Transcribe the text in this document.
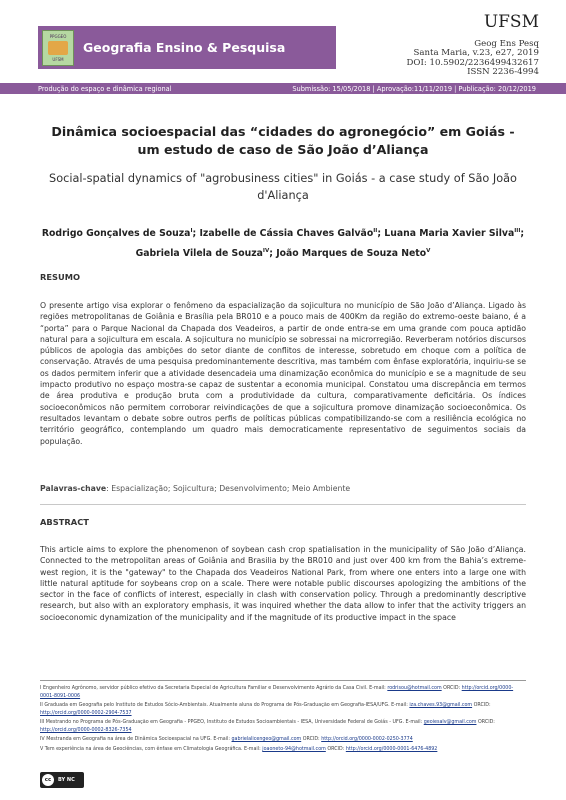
PPGGEO
UFSM
Geografia Ensino & Pesquisa
UFSM
Geog Ens Pesq
Santa Maria, v.23, e27, 2019
DOI: 10.5902/2236499432617
ISSN 2236-4994
Produção do espaço e dinâmica regional	Submissão: 15/05/2018 | Aprovação:11/11/2019 | Publicação: 20/12/2019
Dinâmica socioespacial das “cidades do agronegócio” em Goiás - um estudo de caso de São João d’Aliança
Social-spatial dynamics of "agrobusiness cities" in Goiás - a case study of São João d'Aliança
Rodrigo Gonçalves de Souza$^I$; Izabelle de Cássia Chaves Galvão$^{II}$; Luana Maria Xavier Silva$^{III}$; Gabriela Vilela de Souza$^{IV}$; João Marques de Souza Neto$^V$
RESUMO
O presente artigo visa explorar o fenômeno da espacialização da sojicultura no município de São João d’Aliança. Ligado às regiões metropolitanas de Goiânia e Brasília pela BR010 e a pouco mais de 400Km da região do extremo-oeste baiano, é a “porta” para o Parque Nacional da Chapada dos Veadeiros, a partir de onde entra-se em uma grande com pouca aptidão natural para a sojicultura em escala. A sojicultura no município se sobressai na microrregião. Reverberam notórios discursos públicos de apologia das ambições do setor diante de conflitos de interesse, sobretudo em choque com a política de conservação. Através de uma pesquisa predominantemente descritiva, mas também com ênfase exploratória, inquiriu-se se os dados permitem inferir que a atividade desencadeia uma dinamização econômica do município e se a magnitude de seu impacto produtivo no espaço mostra-se capaz de sustentar a economia municipal. Constatou uma discrepância em termos de área produtiva e produção bruta com a produtividade da cultura, comparativamente deficitária. Os índices socioeconômicos não permitem corroborar reivindicações de que a sojicultura promove dinamização socioeconômica. Os resultados levantam o debate sobre outros perfis de políticas públicas compatibilizando-se com a resiliência ecológica no território geográfico, contemplando um quadro mais democraticamente representativo de seguimentos sociais da população.
Palavras-chave: Espacialização; Sojicultura; Desenvolvimento; Meio Ambiente
ABSTRACT
This article aims to explore the phenomenon of soybean cash crop spatialisation in the municipality of São João d’Aliança. Connected to the metropolitan areas of Goiânia and Brasilia by the BR010 and just over 400 km from the Bahia’s extreme-west region, it is the "gateway" to the Chapada dos Veadeiros National Park, from where one enters into a large one with little natural aptitude for soybeans crop on a scale. There were notable public discourses apologizing the ambitions of the sector in the face of conflicts of interest, especially in clash with conservation policy. Through a predominantly descriptive research, but also with an exploratory emphasis, it was inquired whether the data allow to infer that the activity triggers an socioeconomic dynamization of the municipality and if the magnitude of its productive impact in the space
I Engenheiro Agrônomo, servidor público efetivo da Secretaria Especial de Agricultura Familiar e Desenvolvimento Agrário da Casa Civil. E-mail: rodrisou@hotmail.com ORCID: http://orcid.org/0000-0001-8091-0006
II Graduada em Geografia pelo Instituto de Estudos Sócio-Ambientais. Atualmente aluna do Programa de Pós-Graduação em Geografia-IESA/UFG. E-mail: iza.chaves.93@gmail.com ORCID: http://orcid.org/0000-0002-2904-7537
III Mestrando no Programa de Pós-Graduação em Geografia - PPGEO, Instituto de Estudos Socioambientais - IESA, Universidade Federal de Goiás - UFG. E-mail: geoiesalv@gmail.com ORCID: http://orcid.org/0000-0002-8326-7354
IV Mestranda em Geografia na área de Dinâmica Socioespacial na UFG. E-mail: gabrielalicengeo@gmail.com ORCID: http://orcid.org/0000-0002-0250-3774
V Tem experiência na área de Geociências, com ênfase em Climatologia Geográfica. E-mail: joaoneto-94@hotmail.com ORCID: http://orcid.org/0000-0001-6476-4892
cc	BY NC
